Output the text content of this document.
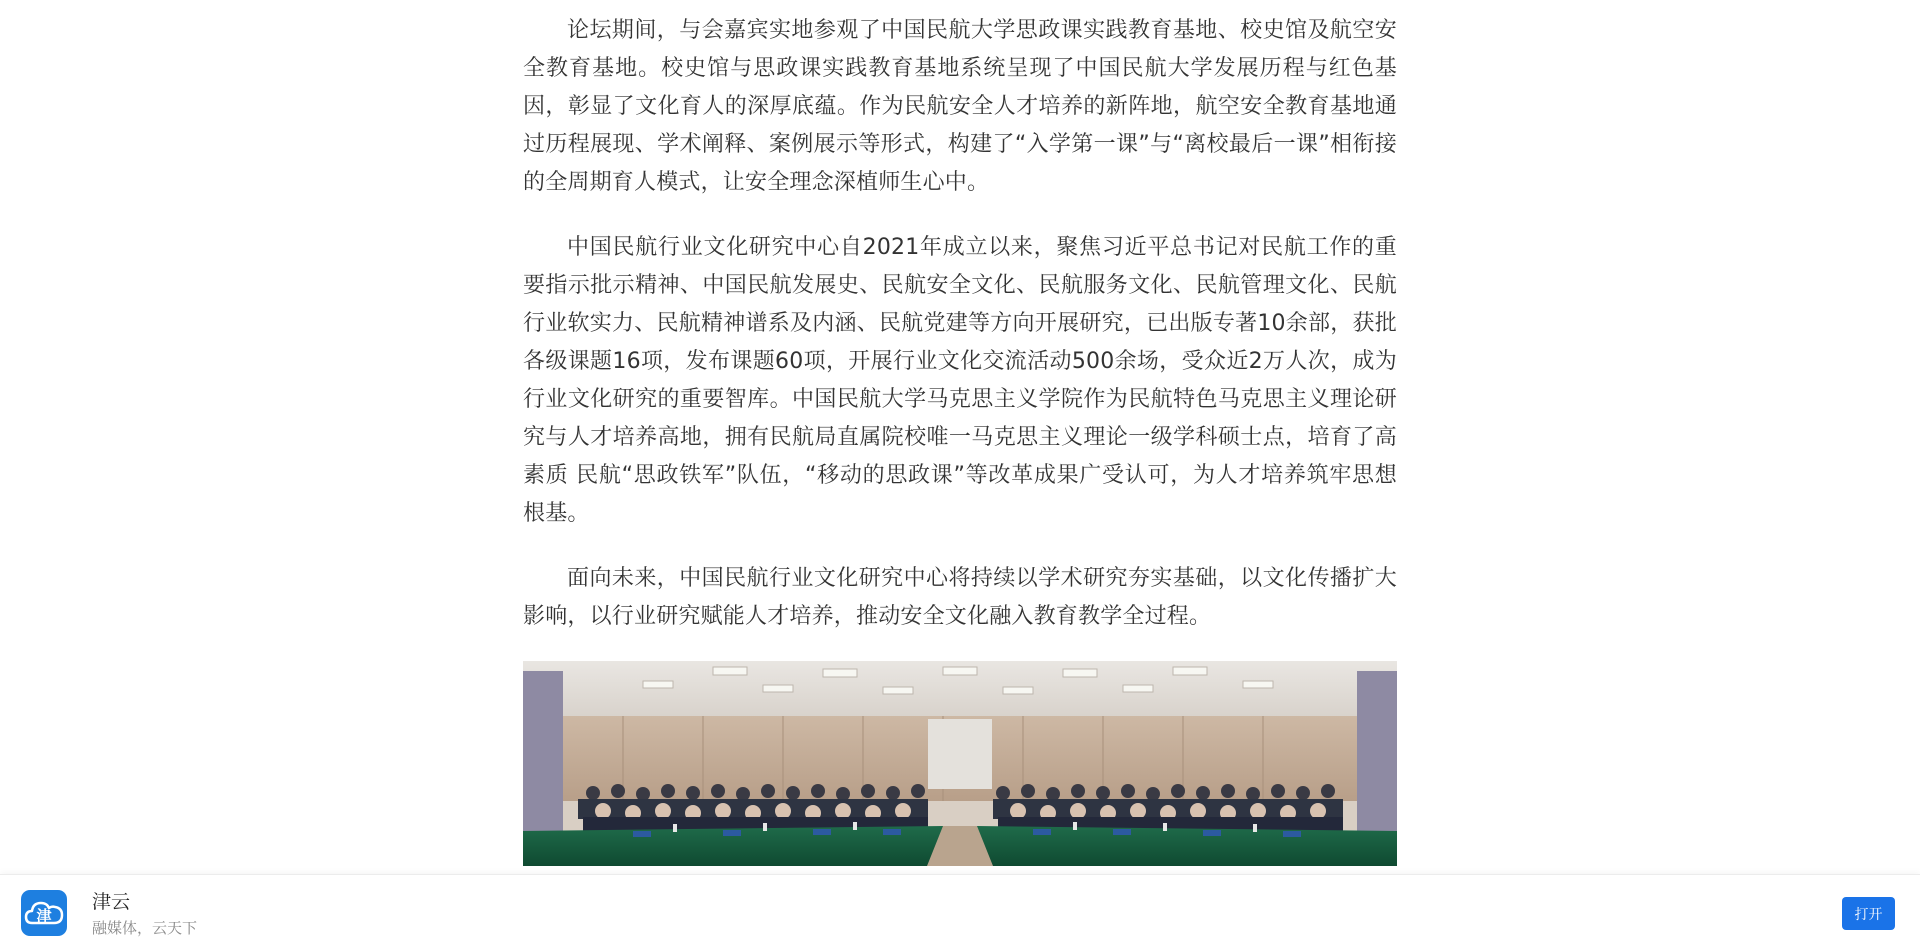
论坛期间，与会嘉宾实地参观了中国民航大学思政课实践教育基地、校史馆及航空安全教育基地。校史馆与思政课实践教育基地系统呈现了中国民航大学发展历程与红色基因，彰显了文化育人的深厚底蕴。作为民航安全人才培养的新阵地，航空安全教育基地通过历程展现、学术阐释、案例展示等形式，构建了“入学第一课”与“离校最后一课”相衔接的全周期育人模式，让安全理念深植师生心中。

中国民航行业文化研究中心自2021年成立以来，聚焦习近平总书记对民航工作的重要指示批示精神、中国民航发展史、民航安全文化、民航服务文化、民航管理文化、民航行业软实力、民航精神谱系及内涵、民航党建等方向开展研究，已出版专著10余部，获批各级课题16项，发布课题60项，开展行业文化交流活动500余场，受众近2万人次，成为行业文化研究的重要智库。中国民航大学马克思主义学院作为民航特色马克思主义理论研究与人才培养高地，拥有民航局直属院校唯一马克思主义理论一级学科硕士点，培育了高素质 民航“思政铁军”队伍，“移动的思政课”等改革成果广受认可，为人才培养筑牢思想根基。

面向未来，中国民航行业文化研究中心将持续以学术研究夯实基础，以文化传播扩大影响，以行业研究赋能人才培养，推动安全文化融入教育教学全过程。

津
津云
融媒体，云天下
打开
